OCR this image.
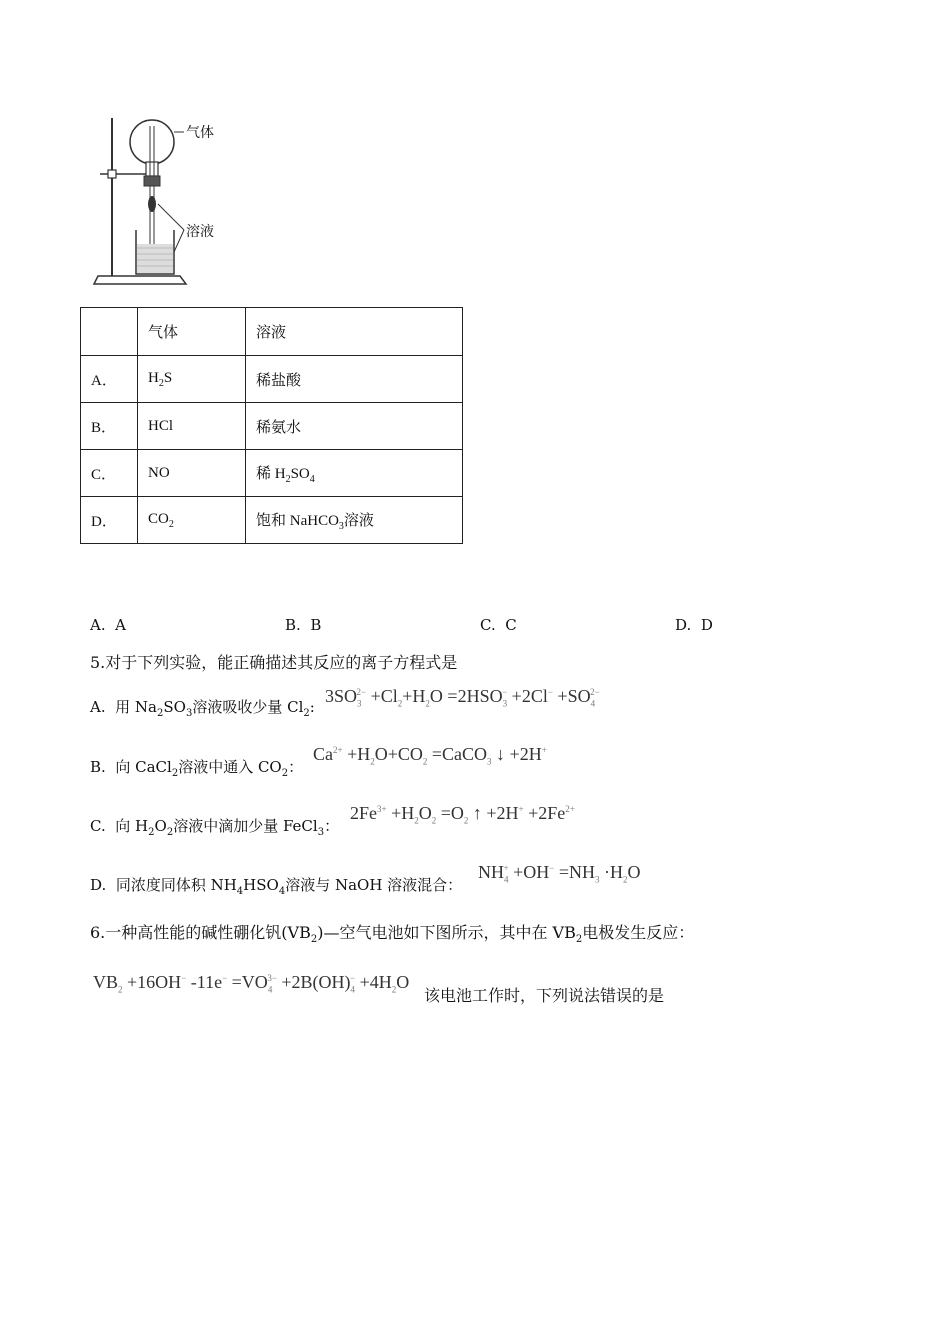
气体
溶液
	气体	溶液
A．	$H_2S$	稀盐酸
B．	HCl	稀氨水
C．	NO	稀 $H_2SO_4$
D．	$CO_2$	饱和 NaHCO$_3$溶液
A. A	B. B	C. C	D. D
5.对于下列实验，能正确描述其反应的离子方程式是
A. 用 $Na_2SO_3$溶液吸收少量 $Cl_2$:
$3SO_3^{2-} +Cl_2+H_2O =2HSO_3^- +2Cl^- +SO_4^{2-}$
B. 向 CaCl$_2$溶液中通入 $CO_2$：
$Ca^{2+} +H_2O+CO_2$ =CaCO$_3$ ↓ +2H+
C. 向 $H_2O_2$溶液中滴加少量 FeCl$_3$：
$2Fe^{3+} +H_2O_2 =O_2$ ↑ $+2H^+ +2Fe^{2+}$
D. 同浓度同体积 $NH_4HSO_4$溶液与 NaOH 溶液混合：
$NH_4^+ +OH^- =NH_3 \cdot H_2O$
6.一种高性能的碱性硼化钒$(VB_2)—$空气电池如下图所示，其中在 $VB_2$电极发生反应：
$VB_2 +16OH^-$ $-11e^- =VO_4^{3-} +2B(OH)_4^- +4H_2O$
该电池工作时，下列说法错误的是
